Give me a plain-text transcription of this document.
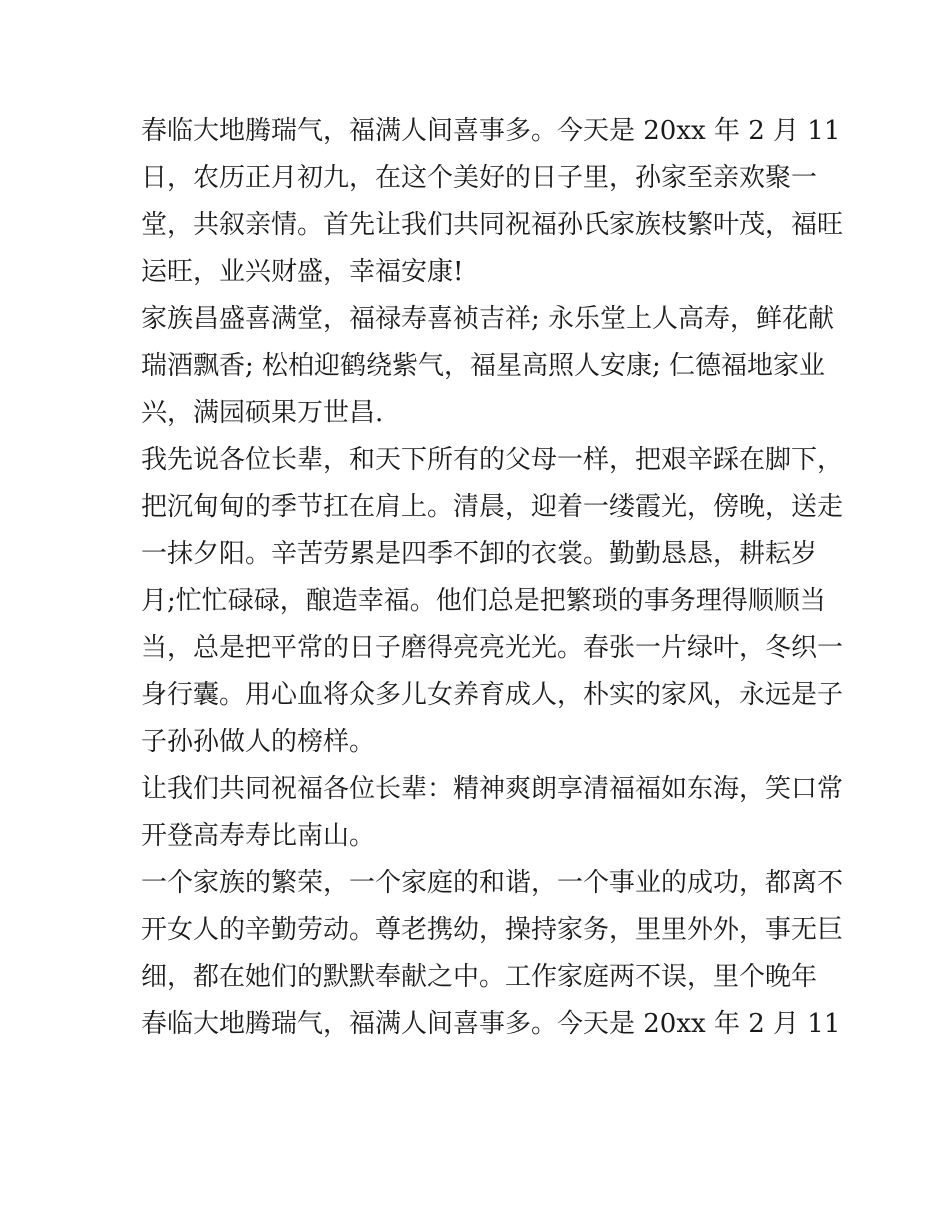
春临大地腾瑞气，福满人间喜事多。今天是 20xx 年 2 月 11
日，农历正月初九，在这个美好的日子里，孙家至亲欢聚一
堂，共叙亲情。首先让我们共同祝福孙氏家族枝繁叶茂，福旺
运旺，业兴财盛，幸福安康!
家族昌盛喜满堂，福禄寿喜祯吉祥; 永乐堂上人高寿，鲜花献
瑞酒飘香; 松柏迎鹤绕紫气，福星高照人安康; 仁德福地家业
兴，满园硕果万世昌.
我先说各位长辈，和天下所有的父母一样，把艰辛踩在脚下，
把沉甸甸的季节扛在肩上。清晨，迎着一缕霞光，傍晚，送走
一抹夕阳。辛苦劳累是四季不卸的衣裳。勤勤恳恳，耕耘岁
月;忙忙碌碌，酿造幸福。他们总是把繁琐的事务理得顺顺当
当，总是把平常的日子磨得亮亮光光。春张一片绿叶，冬织一
身行囊。用心血将众多儿女养育成人，朴实的家风，永远是子
子孙孙做人的榜样。
让我们共同祝福各位长辈：精神爽朗享清福福如东海，笑口常
开登高寿寿比南山。
一个家族的繁荣，一个家庭的和谐，一个事业的成功，都离不
开女人的辛勤劳动。尊老携幼，操持家务，里里外外，事无巨
细，都在她们的默默奉献之中。工作家庭两不误，里个晚年
春临大地腾瑞气，福满人间喜事多。今天是 20xx 年 2 月 11
